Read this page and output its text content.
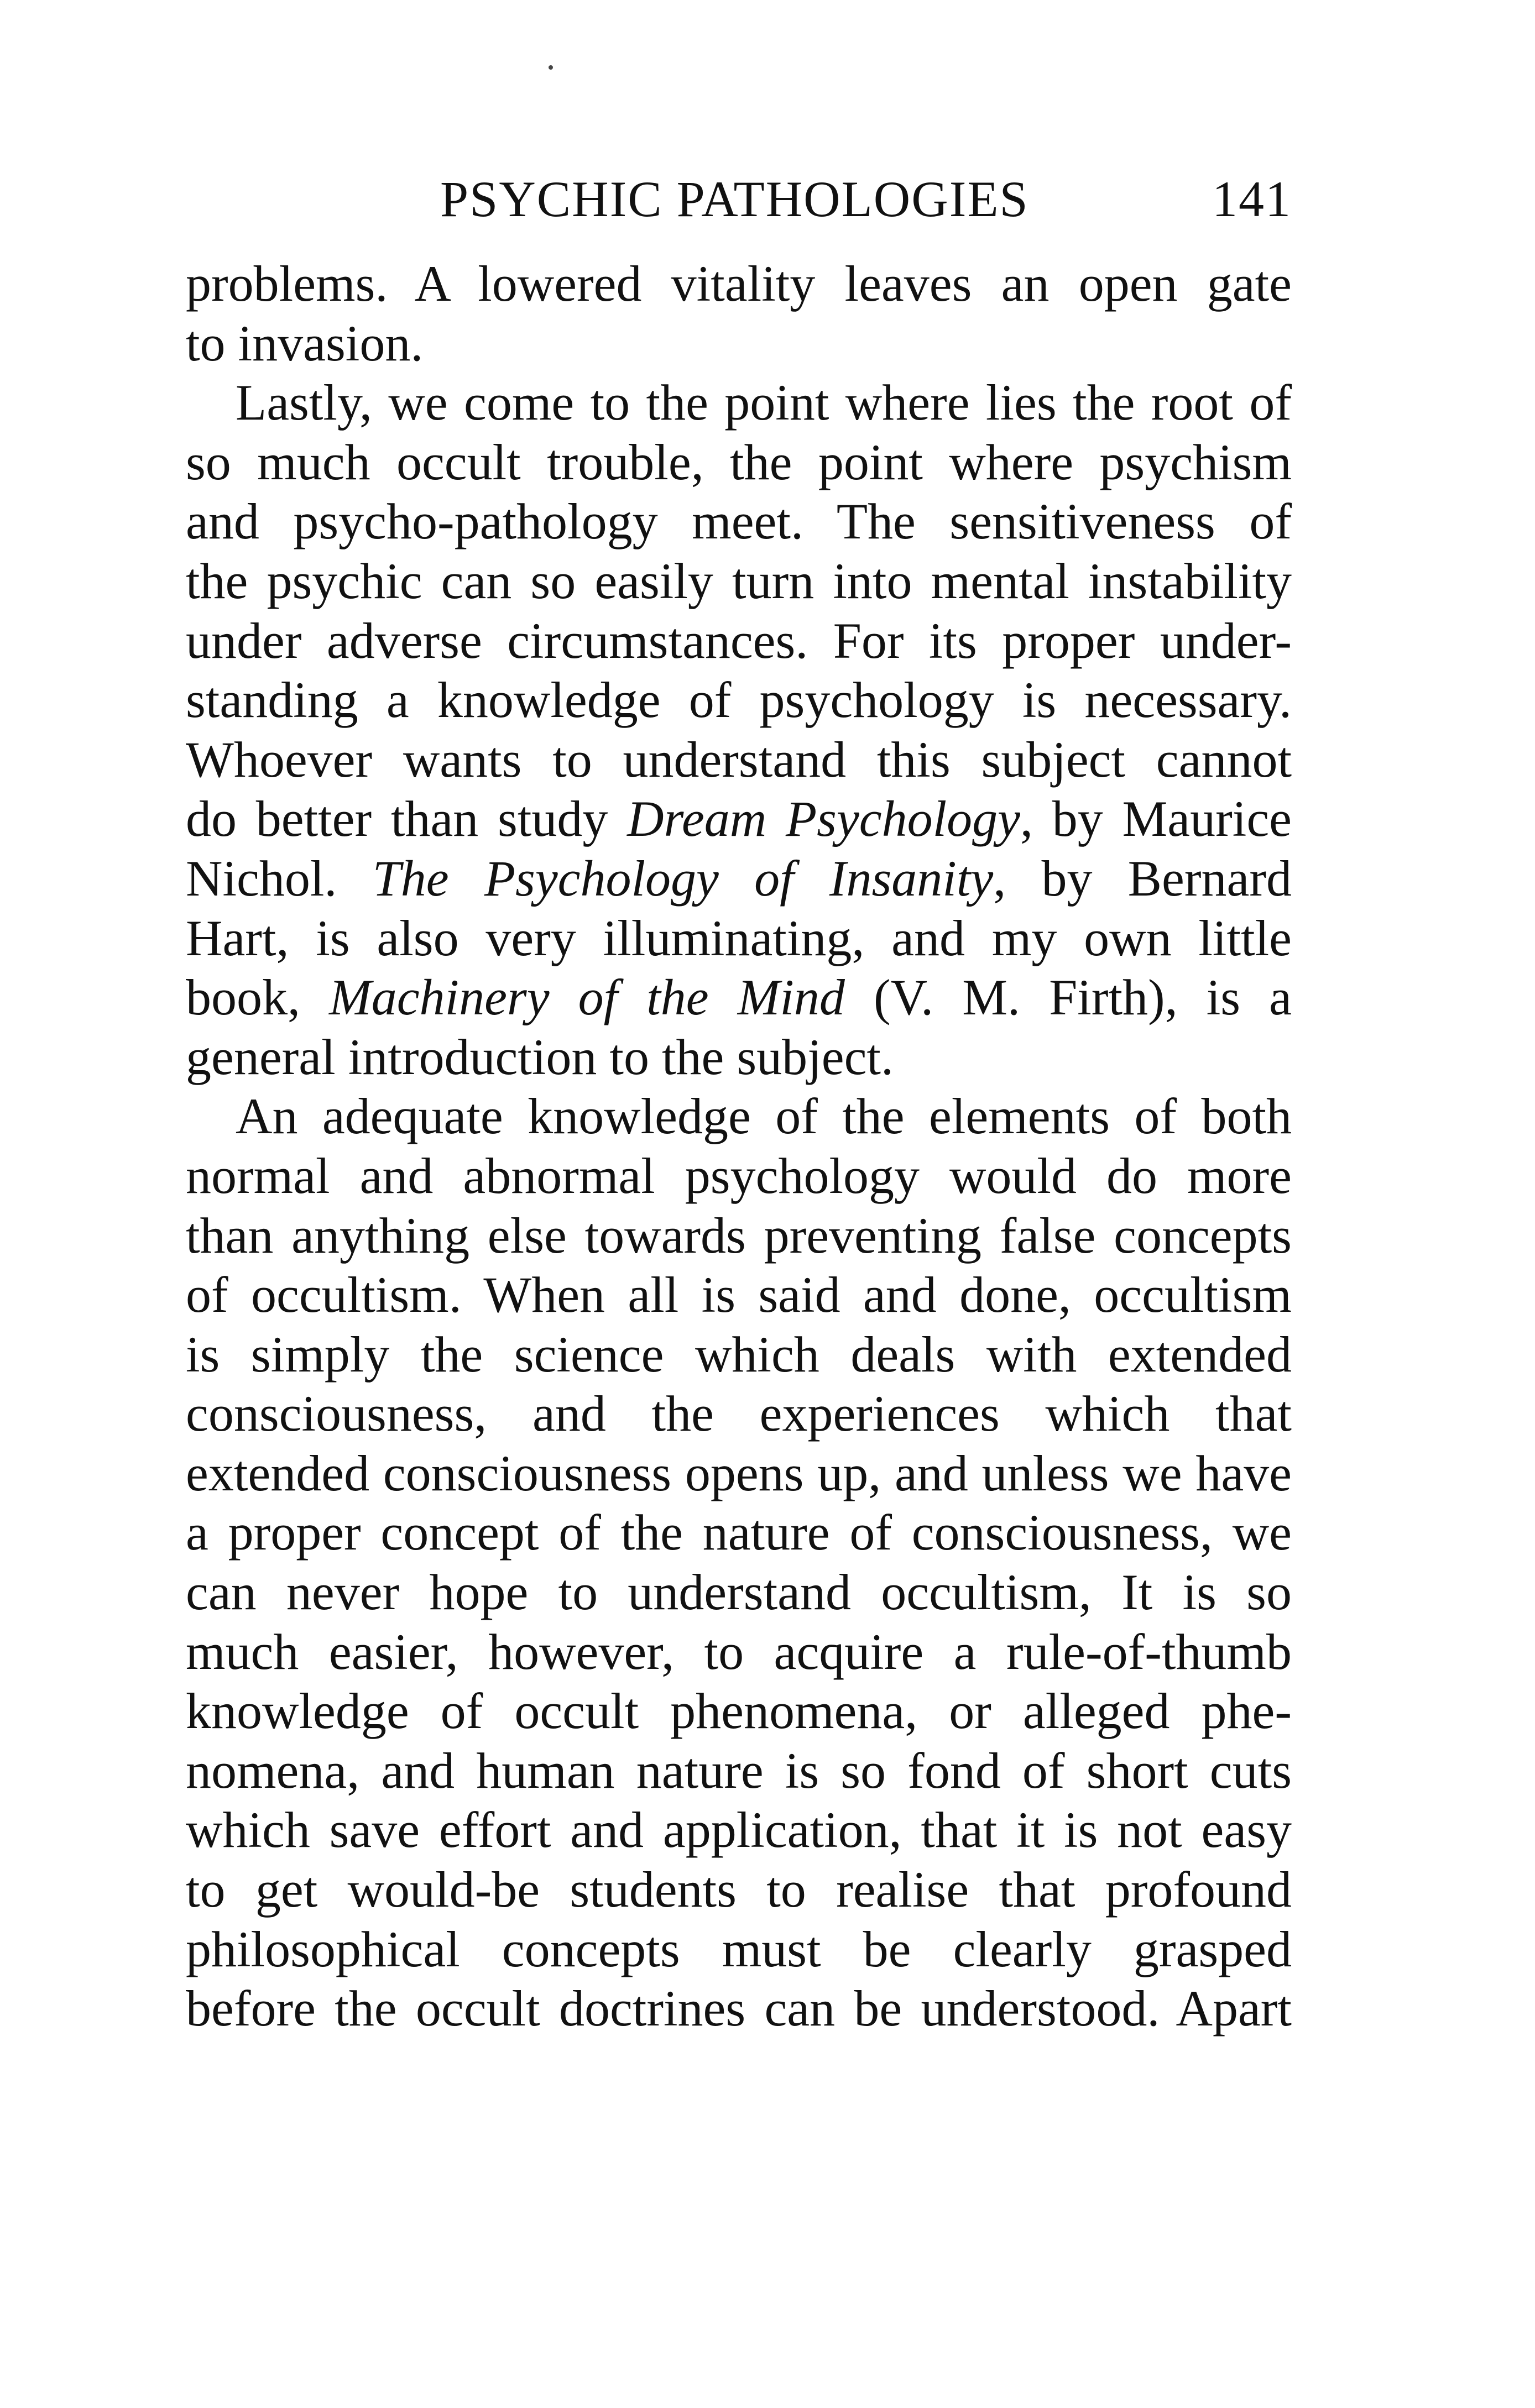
PSYCHIC PATHOLOGIES	141
problems. A lowered vitality leaves an open gate
to invasion.
Lastly, we come to the point where lies the root of
so much occult trouble, the point where psychism
and psycho-pathology meet. The sensitiveness of
the psychic can so easily turn into mental instability
under adverse circumstances. For its proper under-
standing a knowledge of psychology is necessary.
Whoever wants to understand this subject cannot
do better than study Dream Psychology, by Maurice
Nichol. The Psychology of Insanity, by Bernard
Hart, is also very illuminating, and my own little
book, Machinery of the Mind (V. M. Firth), is a
general introduction to the subject.
An adequate knowledge of the elements of both
normal and abnormal psychology would do more
than anything else towards preventing false concepts
of occultism. When all is said and done, occultism
is simply the science which deals with extended
consciousness, and the experiences which that
extended consciousness opens up, and unless we have
a proper concept of the nature of consciousness, we
can never hope to understand occultism, It is so
much easier, however, to acquire a rule-of-thumb
knowledge of occult phenomena, or alleged phe-
nomena, and human nature is so fond of short cuts
which save effort and application, that it is not easy
to get would-be students to realise that profound
philosophical concepts must be clearly grasped
before the occult doctrines can be understood. Apart
